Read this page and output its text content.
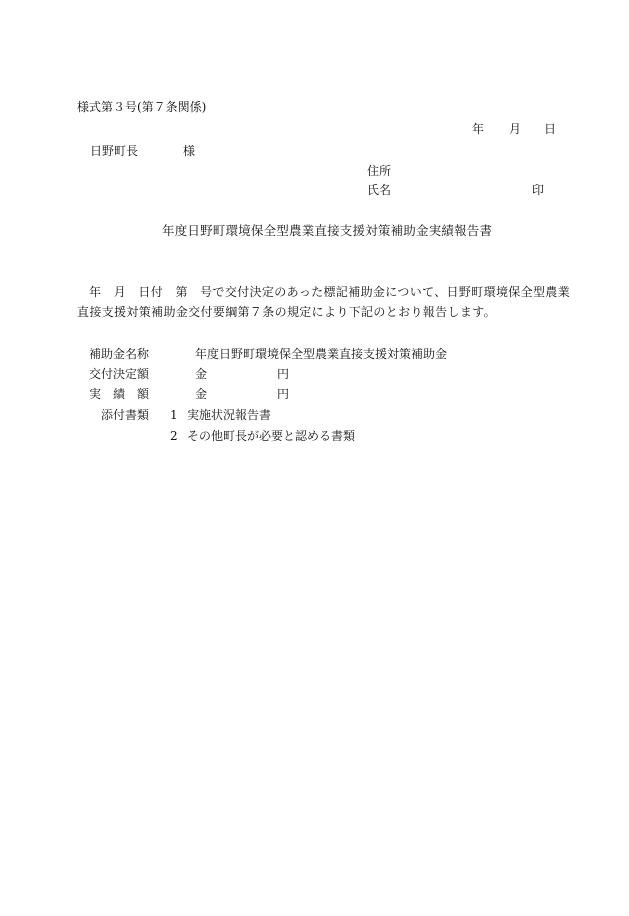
様式第３号(第７条関係)
年 月 日
日野町長	様
住所
氏名	印
年度日野町環境保全型農業直接支援対策補助金実績報告書
年　月　日付　第　号で交付決定のあった標記補助金について、日野町環境保全型農業
直接支援対策補助金交付要綱第７条の規定により下記のとおり報告します。
補助金名称	年度日野町環境保全型農業直接支援対策補助金
交付決定額	金	円
実　績　額	金	円
添付書類 1 実施状況報告書
2 その他町長が必要と認める書類
